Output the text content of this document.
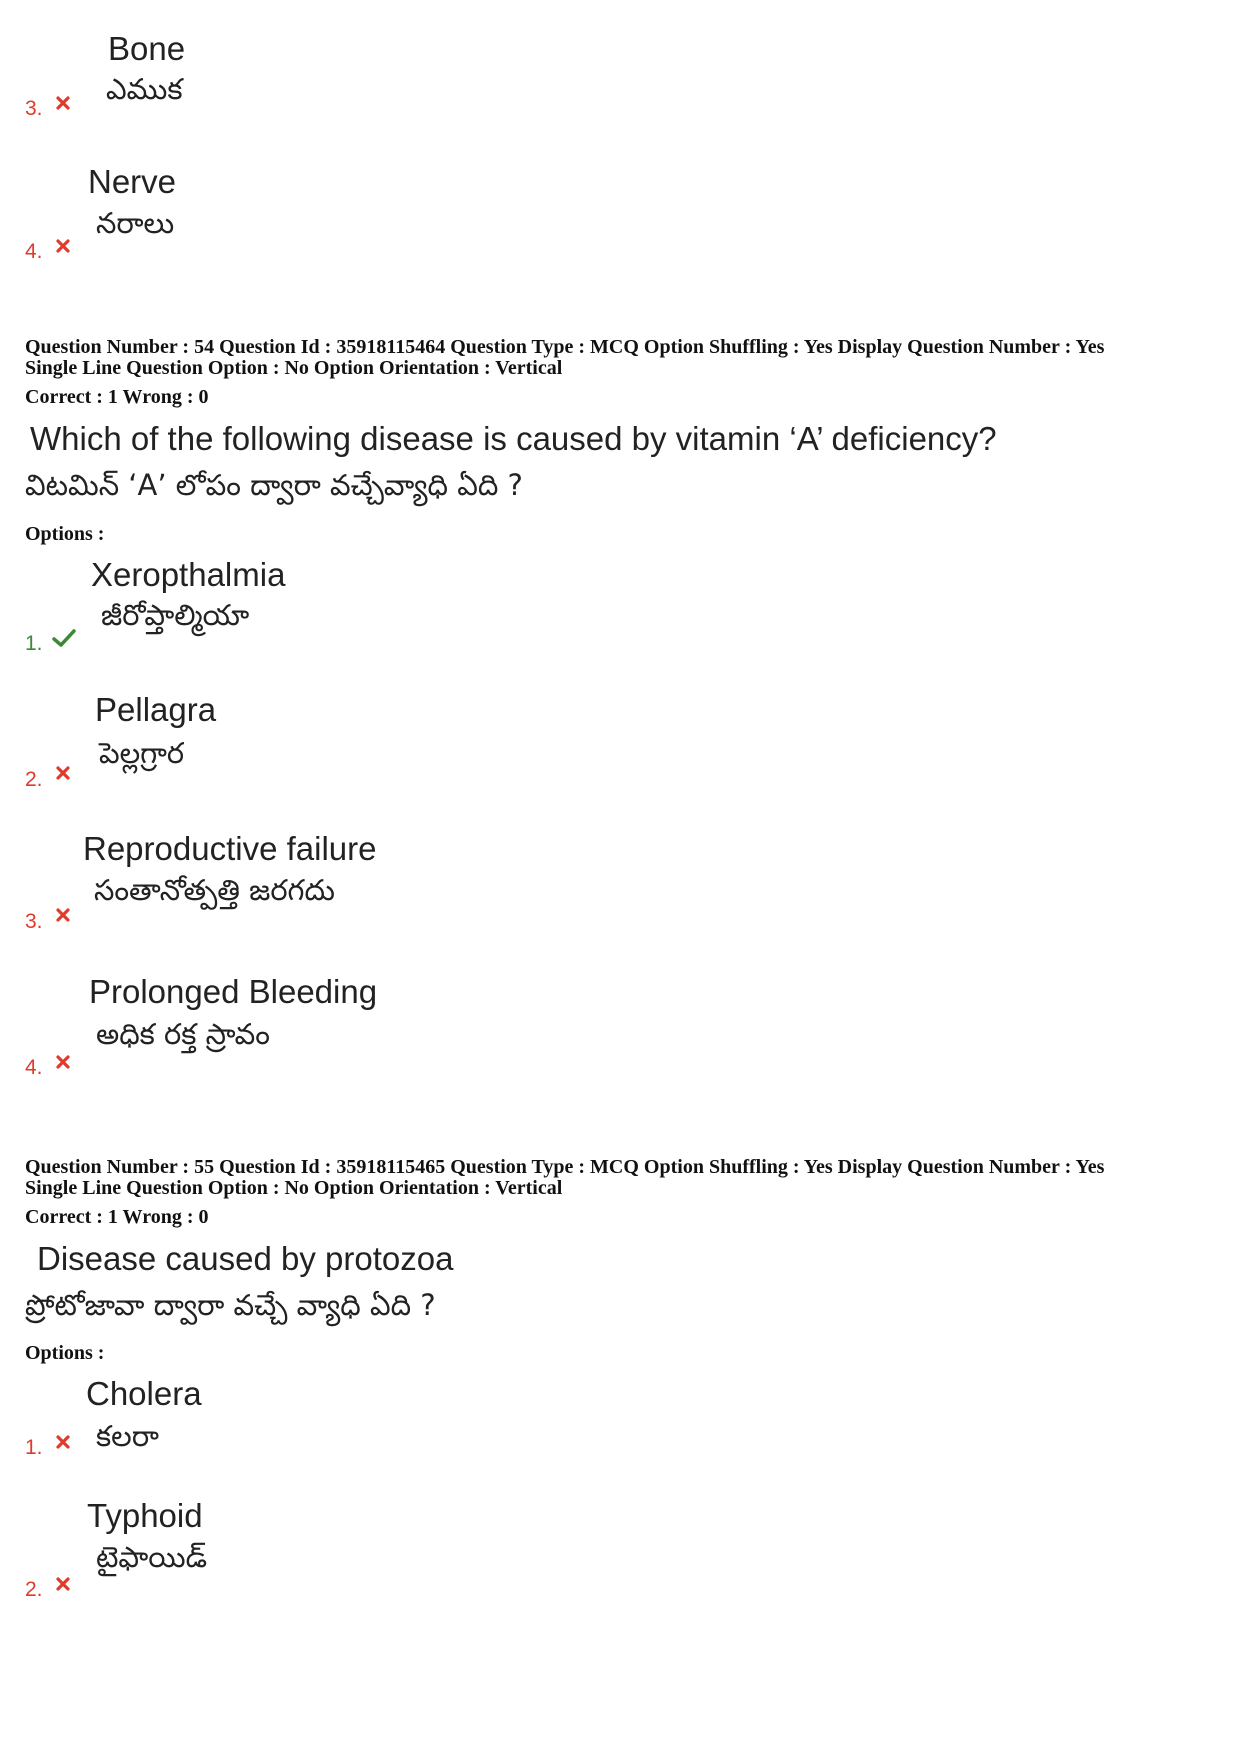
Bone
ఎముక
3.
Nerve
నరాలు
4.
Question Number : 54 Question Id : 35918115464 Question Type : MCQ Option Shuffling : Yes Display Question Number : Yes
Single Line Question Option : No Option Orientation : Vertical
Correct : 1 Wrong : 0
Which of the following disease is caused by vitamin ‘A’ deficiency?
విటమిన్ ‘A’ లోపం ద్వారా వచ్చేవ్యాధి ఏది ?
Options :
Xeropthalmia
జీరోప్తాల్మియా
1.
Pellagra
పెల్లగ్రార
2.
Reproductive failure
సంతానోత్పత్తి జరగదు
3.
Prolonged Bleeding
అధిక రక్త స్రావం
4.
Question Number : 55 Question Id : 35918115465 Question Type : MCQ Option Shuffling : Yes Display Question Number : Yes
Single Line Question Option : No Option Orientation : Vertical
Correct : 1 Wrong : 0
Disease caused by protozoa
ప్రోటోజావా ద్వారా వచ్చే వ్యాధి ఏది ?
Options :
Cholera
కలరా
1.
Typhoid
టైఫాయిడ్
2.
